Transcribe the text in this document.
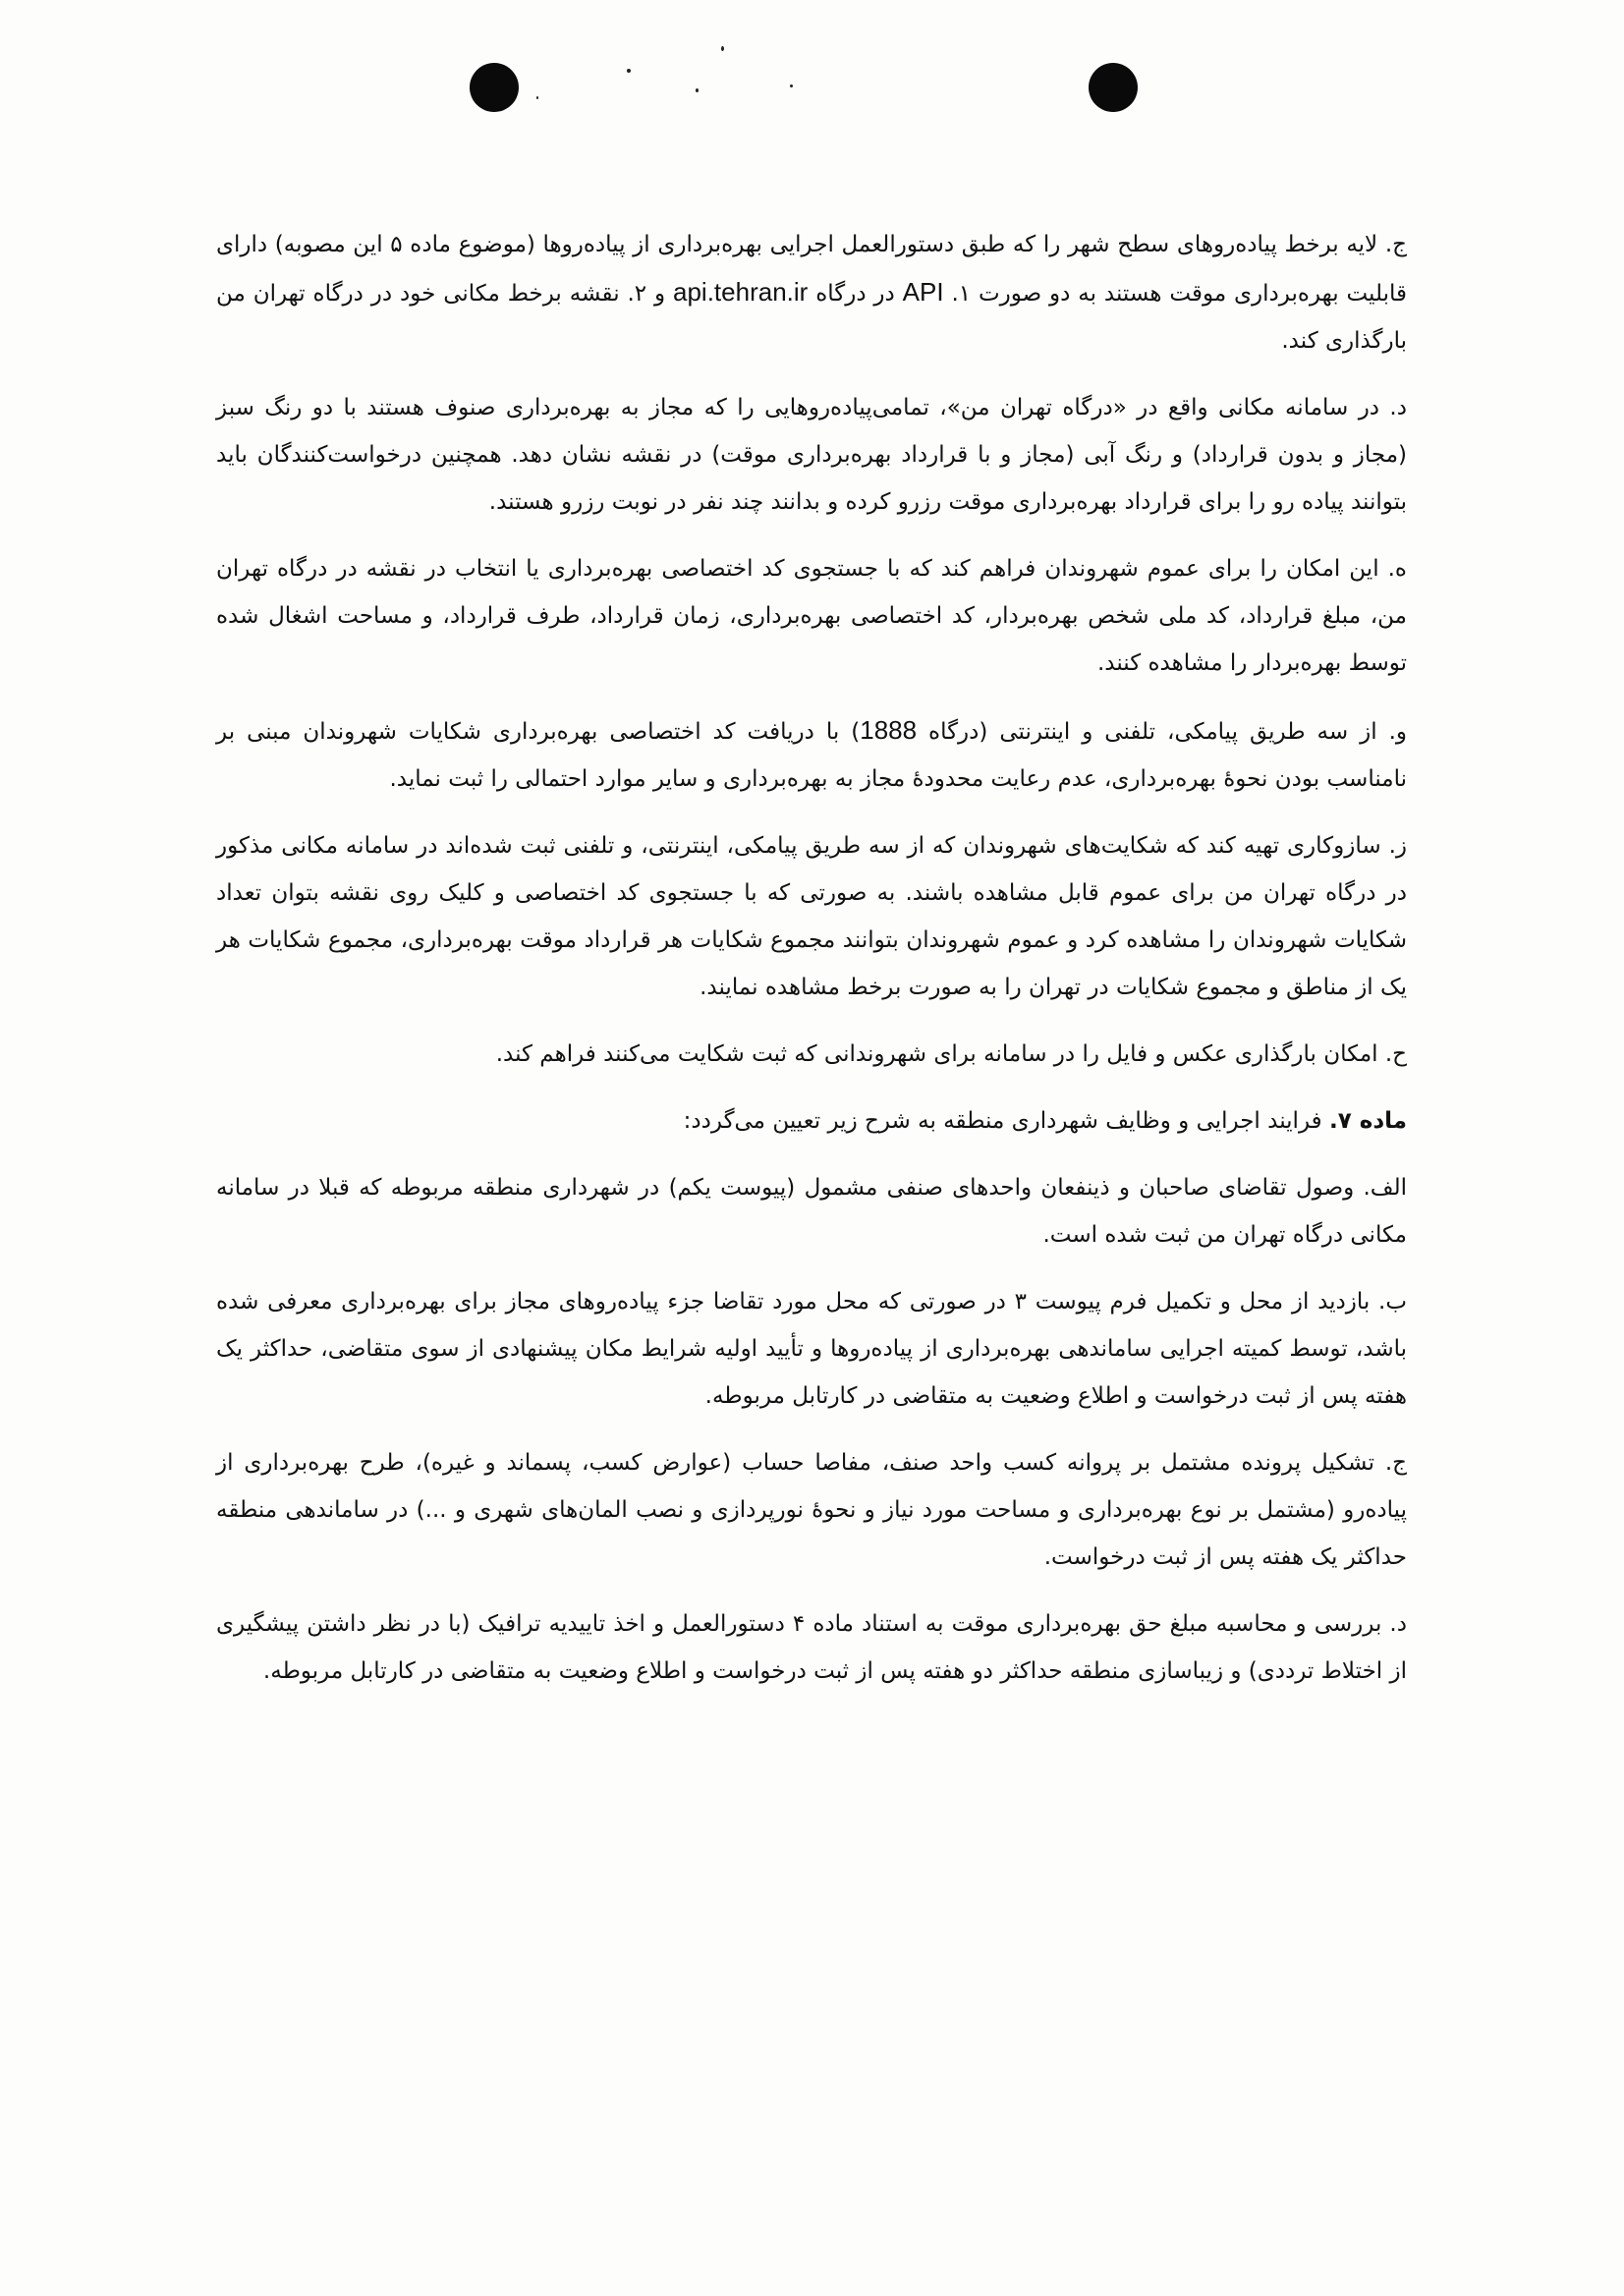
ج. لایه برخط پیاده‌روهای سطح شهر را که طبق دستورالعمل اجرایی بهره‌برداری از پیاده‌روها (موضوع ماده ۵ این مصوبه) دارای قابلیت بهره‌برداری موقت هستند به دو صورت ۱. API در درگاه api.tehran.ir و ۲. نقشه برخط مکانی خود در درگاه تهران من بارگذاری کند.

د. در سامانه مکانی واقع در «درگاه تهران من»، تمامی‌پیاده‌روهایی را که مجاز به بهره‌برداری صنوف هستند با دو رنگ سبز (مجاز و بدون قرارداد) و رنگ آبی (مجاز و با قرارداد بهره‌برداری موقت) در نقشه نشان دهد. همچنین درخواست‌کنندگان باید بتوانند پیاده رو را برای قرارداد بهره‌برداری موقت رزرو کرده و بدانند چند نفر در نوبت رزرو هستند.

ه. این امکان را برای عموم شهروندان فراهم کند که با جستجوی کد اختصاصی بهره‌برداری یا انتخاب در نقشه در درگاه تهران من، مبلغ قرارداد، کد ملی شخص بهره‌بردار، کد اختصاصی بهره‌برداری، زمان قرارداد، طرف قرارداد، و مساحت اشغال شده توسط بهره‌بردار را مشاهده کنند.

و. از سه طریق پیامکی، تلفنی و اینترنتی (درگاه 1888) با دریافت کد اختصاصی بهره‌برداری شکایات شهروندان مبنی بر نامناسب بودن نحوهٔ بهره‌برداری، عدم رعایت محدودهٔ مجاز به بهره‌برداری و سایر موارد احتمالی را ثبت نماید.

ز. سازوکاری تهیه کند که شکایت‌های شهروندان که از سه طریق پیامکی، اینترنتی، و تلفنی ثبت شده‌اند در سامانه مکانی مذکور در درگاه تهران من برای عموم قابل مشاهده باشند. به صورتی که با جستجوی کد اختصاصی و کلیک روی نقشه بتوان تعداد شکایات شهروندان را مشاهده کرد و عموم شهروندان بتوانند مجموع شکایات هر قرارداد موقت بهره‌برداری، مجموع شکایات هر یک از مناطق و مجموع شکایات در تهران را به صورت برخط مشاهده نمایند.

ح. امکان بارگذاری عکس و فایل را در سامانه برای شهروندانی که ثبت شکایت می‌کنند فراهم کند.

ماده ۷. فرایند اجرایی و وظایف شهرداری منطقه به شرح زیر تعیین می‌گردد:

الف. وصول تقاضای صاحبان و ذینفعان واحدهای صنفی مشمول (پیوست یکم) در شهرداری منطقه مربوطه که قبلا در سامانه مکانی درگاه تهران من ثبت شده است.

ب. بازدید از محل و تکمیل فرم پیوست ۳ در صورتی که محل مورد تقاضا جزء پیاده‌روهای مجاز برای بهره‌برداری معرفی شده باشد، توسط کمیته اجرایی ساماندهی بهره‌برداری از پیاده‌روها و تأیید اولیه شرایط مکان پیشنهادی از سوی متقاضی، حداکثر یک هفته پس از ثبت درخواست و اطلاع وضعیت به متقاضی در کارتابل مربوطه.

ج. تشکیل پرونده مشتمل بر پروانه کسب واحد صنف، مفاصا حساب (عوارض کسب، پسماند و غیره)، طرح بهره‌برداری از پیاده‌رو (مشتمل بر نوع بهره‌برداری و مساحت مورد نیاز و نحوهٔ نورپردازی و نصب المان‌های شهری و ...) در ساماندهی منطقه حداکثر یک هفته پس از ثبت درخواست.

د. بررسی و محاسبه مبلغ حق بهره‌برداری موقت به استناد ماده ۴ دستورالعمل و اخذ تاییدیه ترافیک (با در نظر داشتن پیشگیری از اختلاط ترددی) و زیباسازی منطقه حداکثر دو هفته پس از ثبت درخواست و اطلاع وضعیت به متقاضی در کارتابل مربوطه.
